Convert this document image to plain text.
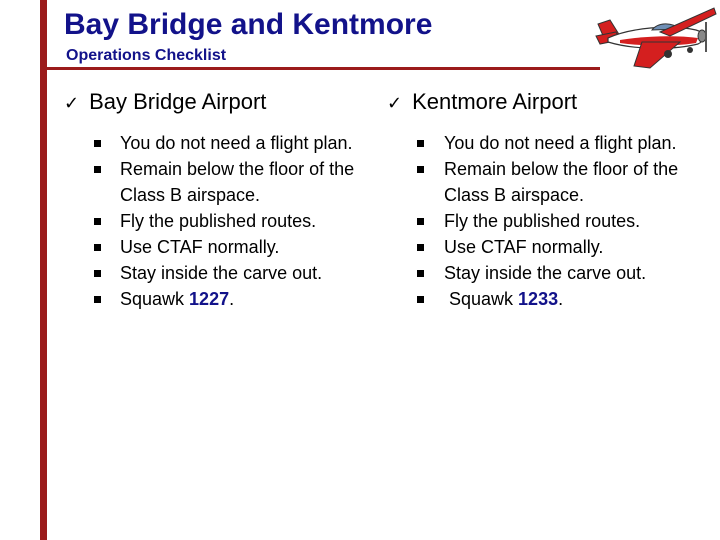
Bay Bridge and Kentmore
Operations Checklist
✓ Bay Bridge Airport
You do not need a flight plan.
Remain below the floor of the Class B airspace.
Fly the published routes.
Use CTAF normally.
Stay inside the carve out.
Squawk 1227.
✓ Kentmore Airport
You do not need a flight plan.
Remain below the floor of the Class B airspace.
Fly the published routes.
Use CTAF normally.
Stay inside the carve out.
Squawk 1233.
